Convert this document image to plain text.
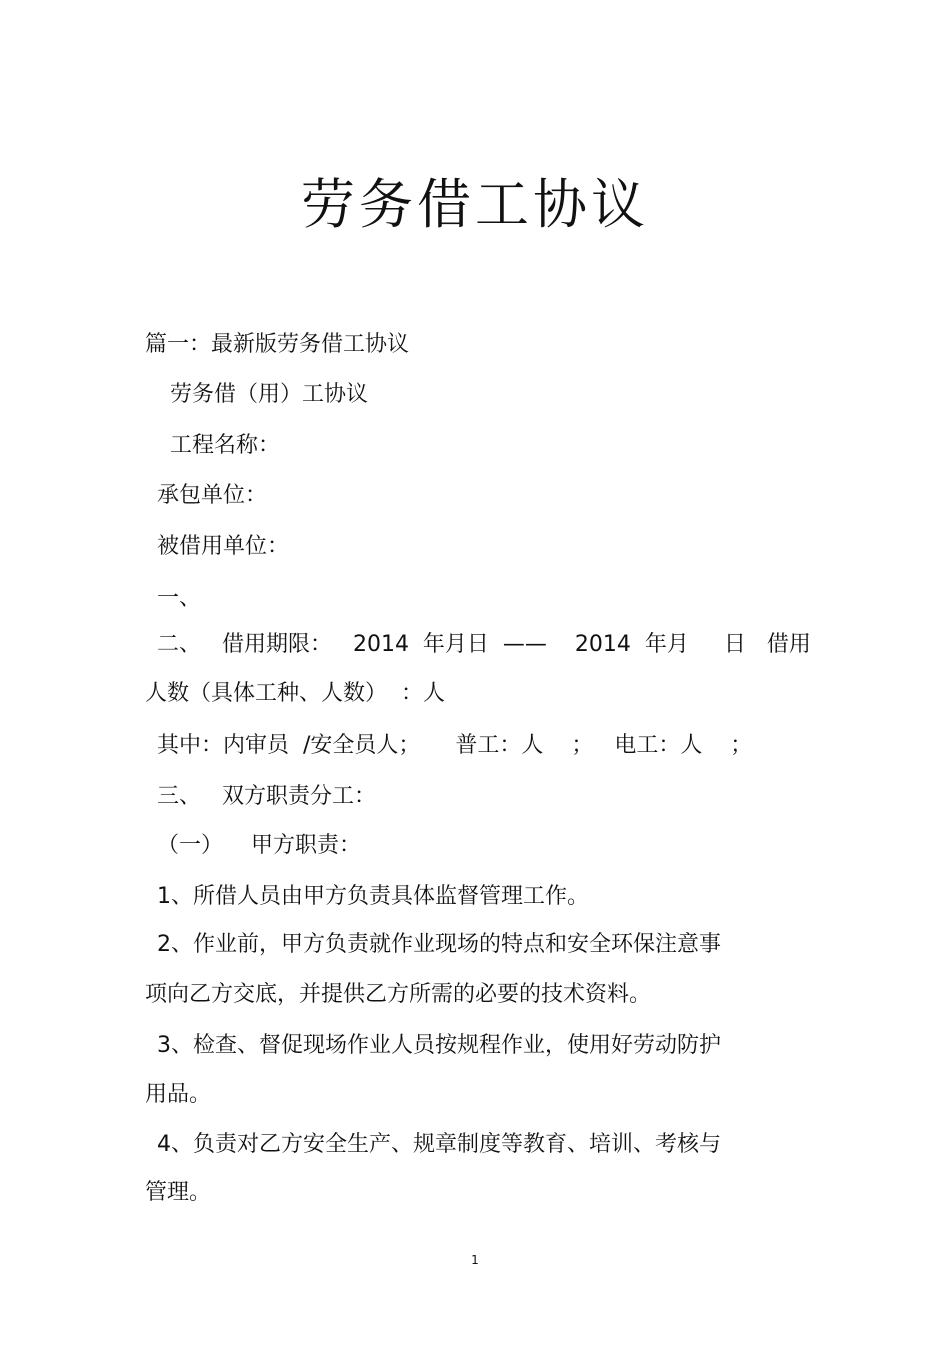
劳务借工协议
篇一：最新版劳务借工协议
劳务借（用）工协议
工程名称：
承包单位：
被借用单位：
一、
二、   借用期限：   2014  年月日  ——    2014  年月     日   借用
人数（具体工种、人数）  ：人
其中：内审员  /安全员人；     普工：人    ；   电工：人    ；
三、   双方职责分工：
（一）    甲方职责：
1、所借人员由甲方负责具体监督管理工作。
2、作业前，甲方负责就作业现场的特点和安全环保注意事
项向乙方交底，并提供乙方所需的必要的技术资料。
3、检查、督促现场作业人员按规程作业，使用好劳动防护
用品。
4、负责对乙方安全生产、规章制度等教育、培训、考核与
管理。
1
